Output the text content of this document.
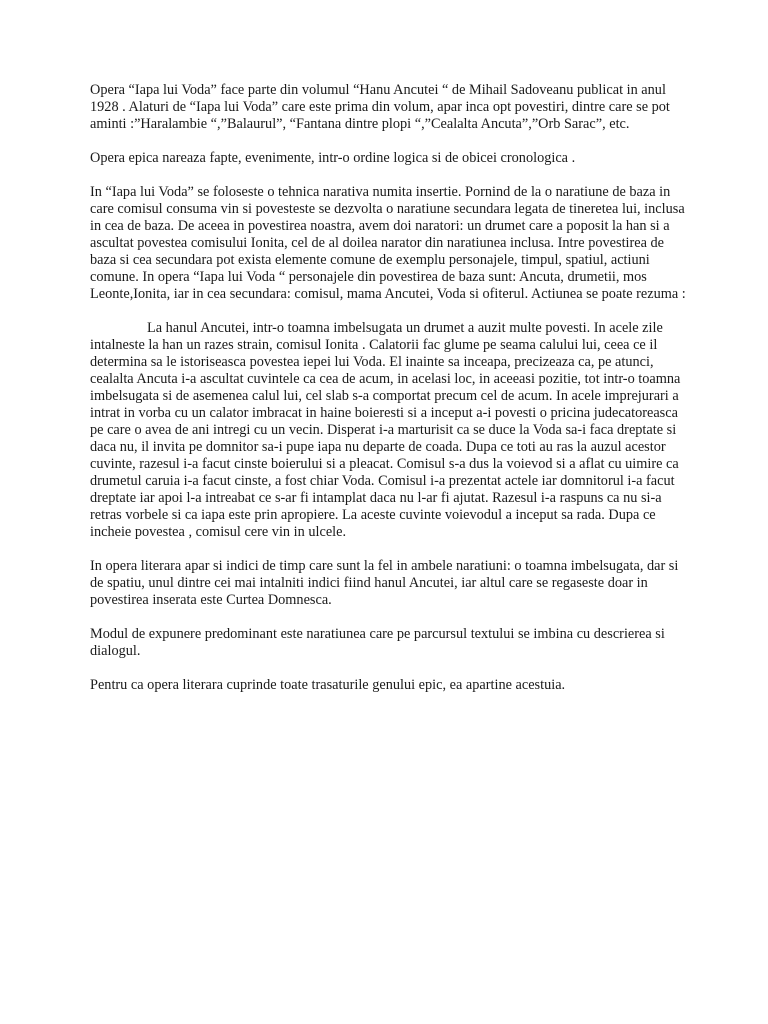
Opera “Iapa lui Voda” face parte din volumul “Hanu Ancutei “ de Mihail Sadoveanu publicat in anul 1928 . Alaturi de “Iapa lui Voda” care este prima din volum, apar inca opt povestiri, dintre care se pot aminti :”Haralambie “,”Balaurul”, “Fantana dintre plopi “,”Cealalta Ancuta”,”Orb Sarac”, etc.

Opera epica nareaza fapte, evenimente, intr-o ordine logica si de obicei cronologica .

In “Iapa lui Voda” se foloseste o tehnica narativa numita insertie. Pornind de la o naratiune de baza in care comisul consuma vin si povesteste se dezvolta o naratiune secundara legata de tineretea lui, inclusa in cea de baza. De aceea in povestirea noastra, avem doi naratori: un drumet care a poposit la han si a ascultat povestea comisului Ionita, cel de al doilea narator din naratiunea inclusa. Intre povestirea de baza si cea secundara pot exista elemente comune de exemplu personajele, timpul, spatiul, actiuni comune. In opera “Iapa lui Voda “ personajele din povestirea de baza sunt: Ancuta, drumetii, mos Leonte,Ionita, iar in cea secundara: comisul, mama Ancutei, Voda si ofiterul. Actiunea se poate rezuma :

La hanul Ancutei, intr-o toamna imbelsugata un drumet a auzit multe povesti. In acele zile intalneste la han un razes strain, comisul Ionita . Calatorii fac glume pe seama calului lui, ceea ce il determina sa le istoriseasca povestea iepei lui Voda. El inainte sa inceapa, precizeaza ca, pe atunci, cealalta Ancuta i-a ascultat cuvintele ca cea de acum, in acelasi loc, in aceeasi pozitie, tot intr-o toamna imbelsugata si de asemenea calul lui, cel slab s-a comportat precum cel de acum. In acele imprejurari a intrat in vorba cu un calator imbracat in haine boieresti si a inceput a-i povesti o pricina judecatoreasca pe care o avea de ani intregi cu un vecin. Disperat i-a marturisit ca se duce la Voda sa-i faca dreptate si daca nu, il invita pe domnitor sa-i pupe iapa nu departe de coada. Dupa ce toti au ras la auzul acestor cuvinte, razesul i-a facut cinste boierului si a pleacat. Comisul s-a dus la voievod si a aflat cu uimire ca drumetul caruia i-a facut cinste, a fost chiar Voda. Comisul i-a prezentat actele iar domnitorul i-a facut dreptate iar apoi l-a intreabat ce s-ar fi intamplat daca nu l-ar fi ajutat. Razesul i-a raspuns ca nu si-a retras vorbele si ca iapa este prin apropiere. La aceste cuvinte voievodul a inceput sa rada. Dupa ce incheie povestea , comisul cere vin in ulcele.

In opera literara apar si indici de timp care sunt la fel in ambele naratiuni: o toamna imbelsugata, dar si de spatiu, unul dintre cei mai intalniti indici fiind hanul Ancutei, iar altul care se regaseste doar in povestirea inserata este Curtea Domnesca.

Modul de expunere predominant este naratiunea care pe parcursul textului se imbina cu descrierea si dialogul.

Pentru ca opera literara cuprinde toate trasaturile genului epic, ea apartine acestuia.
